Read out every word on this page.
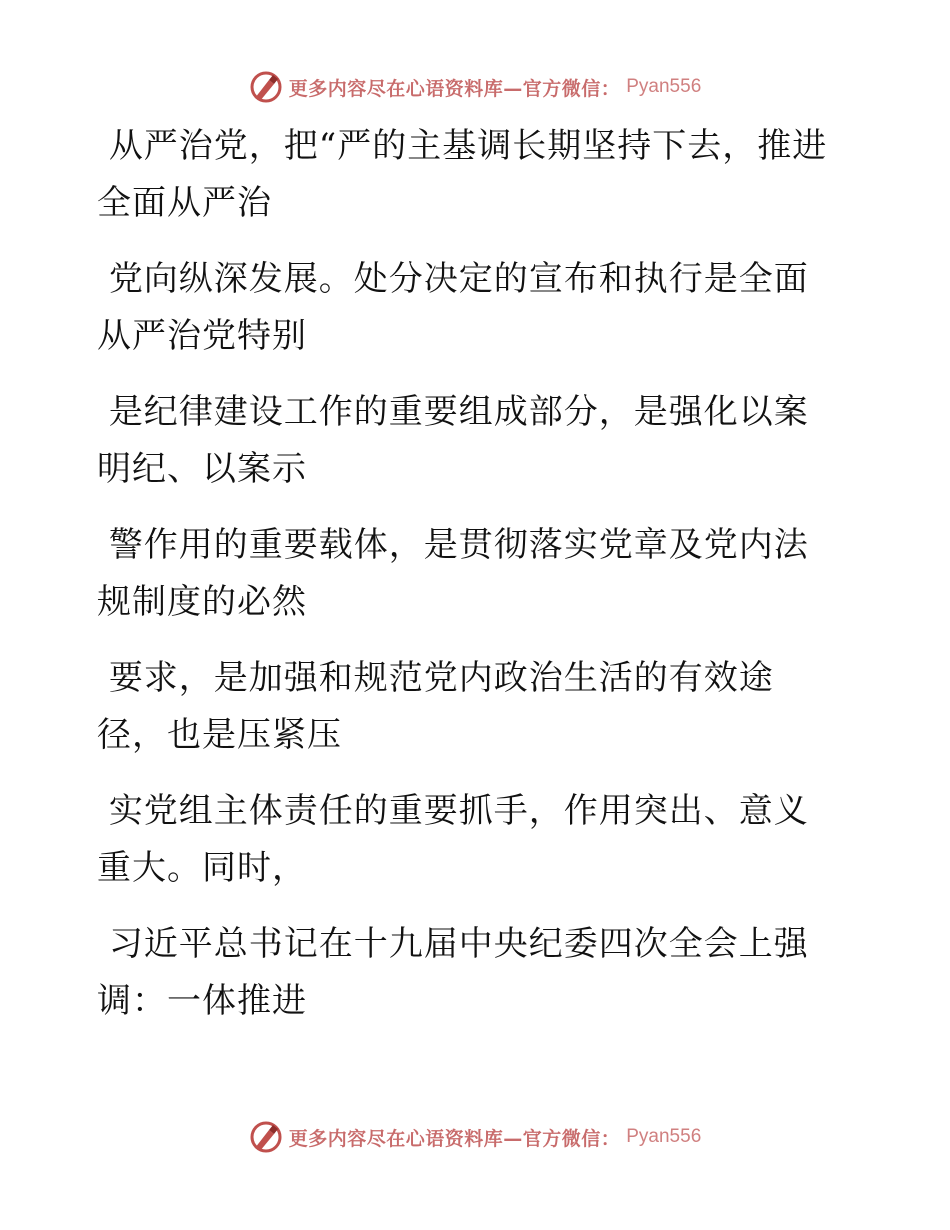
更多内容尽在心语资料库—官方微信： Pyan556

从严治党，把“严的主基调长期坚持下去，推进全面从严治

党向纵深发展。处分决定的宣布和执行是全面从严治党特别

是纪律建设工作的重要组成部分，是强化以案明纪、以案示

警作用的重要载体，是贯彻落实党章及党内法规制度的必然

要求，是加强和规范党内政治生活的有效途径，也是压紧压

实党组主体责任的重要抓手，作用突出、意义重大。同时，

习近平总书记在十九届中央纪委四次全会上强调：一体推进

更多内容尽在心语资料库—官方微信： Pyan556
